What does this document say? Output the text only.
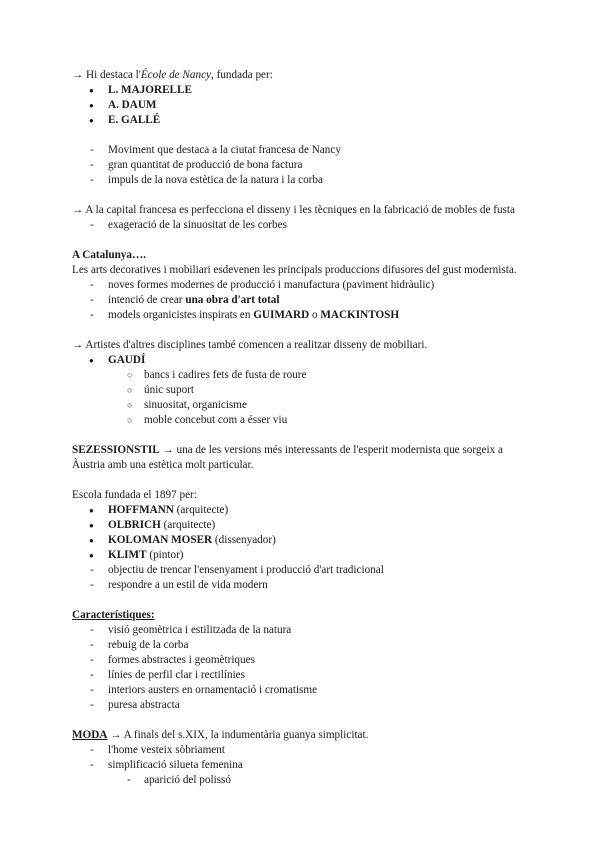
→ Hi destaca l'École de Nancy, fundada per:

● L. MAJORELLE
● A. DAUM
● E. GALLÉ
- Moviment que destaca a la ciutat francesa de Nancy
- gran quantitat de producció de bona factura
- impuls de la nova estètica de la natura i la corba

→ A la capital francesa es perfecciona el disseny i les tècniques en la fabricació de mobles de fusta

- exageració de la sinuositat de les corbes

A Catalunya….

Les arts decoratives i mobiliari esdevenen les principals produccions difusores del gust modernista.

- noves formes modernes de producció i manufactura (paviment hidràulic)
- intenció de crear una obra d'art total
- models organicistes inspirats en GUIMARD o MACKINTOSH

→ Artistes d'altres disciplines també comencen a realitzar disseny de mobiliari.

● GAUDÍ
○ bancs i cadires fets de fusta de roure
○ únic suport
○ sinuositat, organicisme
○ moble concebut com a ésser viu

SEZESSIONSTIL → una de les versions més interessants de l'esperit modernista que sorgeix a Àustria amb una estètica molt particular.

Escola fundada el 1897 per:

● HOFFMANN (arquitecte)
● OLBRICH (arquitecte)
● KOLOMAN MOSER (dissenyador)
● KLIMT (pintor)
- objectiu de trencar l'ensenyament i producció d'art tradicional
- respondre a un estil de vida modern

Característiques:

- visió geomètrica i estilitzada de la natura
- rebuig de la corba
- formes abstractes i geomètriques
- línies de perfil clar i rectilínies
- interiors austers en ornamentació i cromatisme
- puresa abstracta

MODA → A finals del s.XIX, la indumentària guanya simplicitat.

- l'home vesteix sòbriament
- simplificació silueta femenina
- aparició del polissó
